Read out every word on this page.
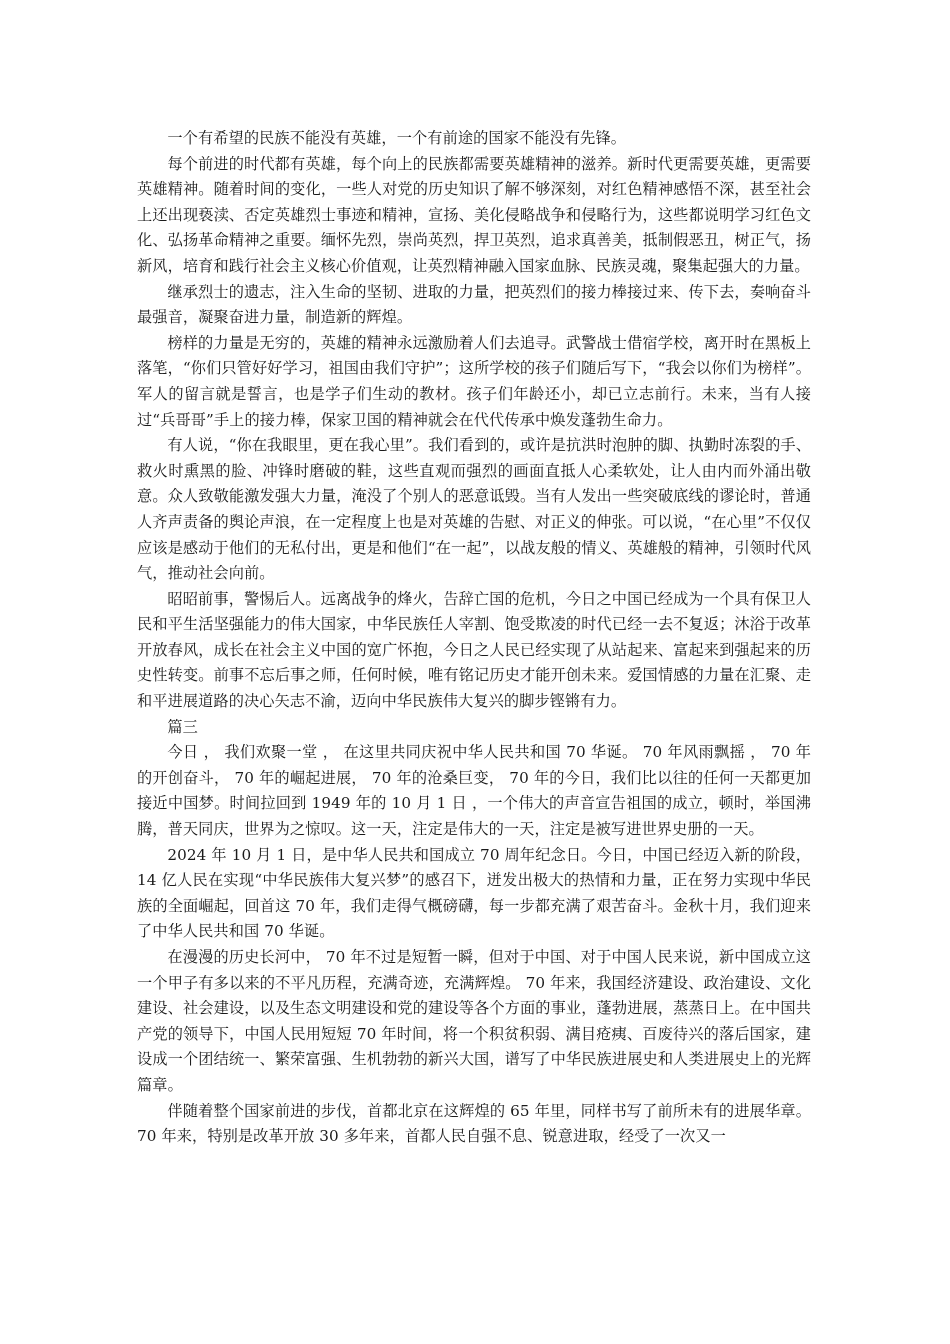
一个有希望的民族不能没有英雄，一个有前途的国家不能没有先锋。

每个前进的时代都有英雄，每个向上的民族都需要英雄精神的滋养。新时代更需要英雄，更需要英雄精神。随着时间的变化，一些人对党的历史知识了解不够深刻，对红色精神感悟不深，甚至社会上还出现亵渎、否定英雄烈士事迹和精神，宣扬、美化侵略战争和侵略行为，这些都说明学习红色文化、弘扬革命精神之重要。缅怀先烈，崇尚英烈，捍卫英烈，追求真善美，抵制假恶丑，树正气，扬新风，培育和践行社会主义核心价值观，让英烈精神融入国家血脉、民族灵魂，聚集起强大的力量。

继承烈士的遗志，注入生命的坚韧、进取的力量，把英烈们的接力棒接过来、传下去，奏响奋斗最强音，凝聚奋进力量，制造新的辉煌。

榜样的力量是无穷的，英雄的精神永远激励着人们去追寻。武警战士借宿学校，离开时在黑板上落笔，“你们只管好好学习，祖国由我们守护”；这所学校的孩子们随后写下，“我会以你们为榜样”。军人的留言就是誓言，也是学子们生动的教材。孩子们年龄还小，却已立志前行。未来，当有人接过“兵哥哥”手上的接力棒，保家卫国的精神就会在代代传承中焕发蓬勃生命力。

有人说，“你在我眼里，更在我心里”。我们看到的，或许是抗洪时泡肿的脚、执勤时冻裂的手、救火时熏黑的脸、冲锋时磨破的鞋，这些直观而强烈的画面直抵人心柔软处，让人由内而外涌出敬意。众人致敬能激发强大力量，淹没了个别人的恶意诋毁。当有人发出一些突破底线的谬论时，普通人齐声责备的舆论声浪，在一定程度上也是对英雄的告慰、对正义的伸张。可以说，“在心里”不仅仅应该是感动于他们的无私付出，更是和他们“在一起”，以战友般的情义、英雄般的精神，引领时代风气，推动社会向前。

昭昭前事，警惕后人。远离战争的烽火，告辞亡国的危机，今日之中国已经成为一个具有保卫人民和平生活坚强能力的伟大国家，中华民族任人宰割、饱受欺凌的时代已经一去不复返；沐浴于改革开放春风，成长在社会主义中国的宽广怀抱，今日之人民已经实现了从站起来、富起来到强起来的历史性转变。前事不忘后事之师，任何时候，唯有铭记历史才能开创未来。爱国情感的力量在汇聚、走和平进展道路的决心矢志不渝，迈向中华民族伟大复兴的脚步铿锵有力。

篇三

今日 ， 我们欢聚一堂 ， 在这里共同庆祝中华人民共和国 70 华诞。 70 年风雨飘摇 ， 70 年的开创奋斗， 70 年的崛起进展， 70 年的沧桑巨变， 70 年的今日，我们比以往的任何一天都更加接近中国梦。时间拉回到 1949 年的 10 月 1 日 ，一个伟大的声音宣告祖国的成立，顿时，举国沸腾，普天同庆，世界为之惊叹。这一天，注定是伟大的一天，注定是被写进世界史册的一天。

2024 年 10 月 1 日，是中华人民共和国成立 70 周年纪念日。今日，中国已经迈入新的阶段， 14 亿人民在实现“中华民族伟大复兴梦”的感召下，迸发出极大的热情和力量，正在努力实现中华民族的全面崛起，回首这 70 年，我们走得气概磅礴，每一步都充满了艰苦奋斗。金秋十月，我们迎来了中华人民共和国 70 华诞。

在漫漫的历史长河中， 70 年不过是短暂一瞬，但对于中国、对于中国人民来说，新中国成立这一个甲子有多以来的不平凡历程，充满奇迹，充满辉煌。 70 年来，我国经济建设、政治建设、文化建设、社会建设，以及生态文明建设和党的建设等各个方面的事业，蓬勃进展，蒸蒸日上。在中国共产党的领导下，中国人民用短短 70 年时间，将一个积贫积弱、满目疮痍、百废待兴的落后国家，建设成一个团结统一、繁荣富强、生机勃勃的新兴大国，谱写了中华民族进展史和人类进展史上的光辉篇章。

伴随着整个国家前进的步伐，首都北京在这辉煌的 65 年里，同样书写了前所未有的进展华章。 70 年来，特别是改革开放 30 多年来，首都人民自强不息、锐意进取，经受了一次又一
